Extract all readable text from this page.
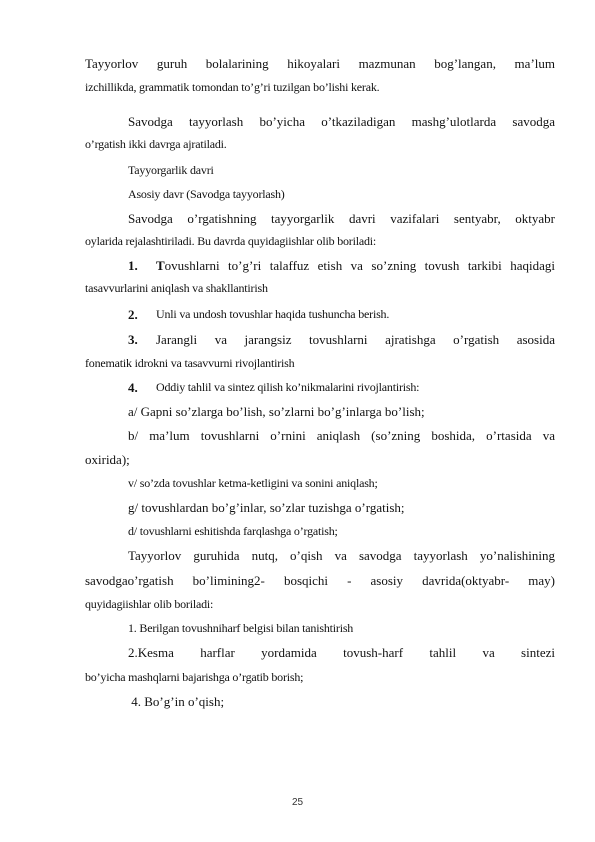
Tayyorlov guruh bolalarining hikoyalari mazmunan bog’langan, ma’lum
izchillikda, grammatik tomondan to’g’ri tuzilgan bo’lishi kerak.
Savodga tayyorlash bo’yicha o’tkaziladigan mashg’ulotlarda savodga
o’rgatish ikki davrga ajratiladi.
Tayyorgarlik davri
Asosiy davr (Savodga tayyorlash)
Savodga o’rgatishning tayyorgarlik davri vazifalari sentyabr, oktyabr
oylarida rejalashtiriladi. Bu davrda quyidagiishlar olib boriladi:
1. Tovushlarni to’g’ri talaffuz etish va so’zning tovush tarkibi haqidagi
tasavvurlarini aniqlash va shakllantirish
2. Unli va undosh tovushlar haqida tushuncha berish.
3. Jarangli va jarangsiz tovushlarni ajratishga o’rgatish asosida
fonematik idrokni va tasavvurni rivojlantirish
4. Oddiy tahlil va sintez qilish ko’nikmalarini rivojlantirish:
a/ Gapni so’zlarga bo’lish, so’zlarni bo’g’inlarga bo’lish;
b/ ma’lum tovushlarni o’rnini aniqlash (so’zning boshida, o’rtasida va
oxirida);
v/ so’zda tovushlar ketma-ketligini va sonini aniqlash;
g/ tovushlardan bo’g’inlar, so’zlar tuzishga o’rgatish;
d/ tovushlarni eshitishda farqlashga o’rgatish;
Tayyorlov guruhida nutq, o’qish va savodga tayyorlash yo’nalishining
savodgao’rgatish bo’limining2- bosqichi - asosiy davrida(oktyabr- may)
quyidagiishlar olib boriladi:
1. Berilgan tovushniharf belgisi bilan tanishtirish
2.Kesma harflar yordamida tovush-harf tahlil va sintezi
bo’yicha mashqlarni bajarishga o’rgatib borish;
4. Bo’g’in o’qish;
25
